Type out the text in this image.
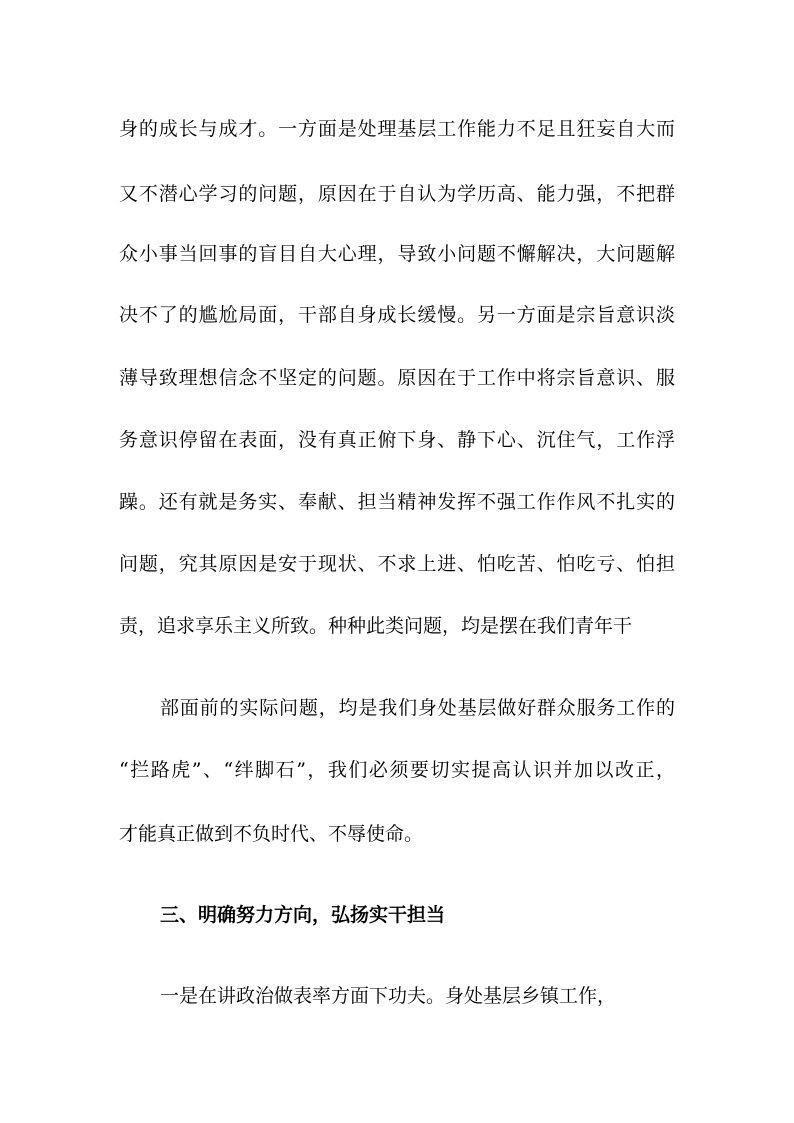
身的成长与成才。一方面是处理基层工作能力不足且狂妄自大而
又不潜心学习的问题，原因在于自认为学历高、能力强，不把群
众小事当回事的盲目自大心理，导致小问题不懈解决，大问题解
决不了的尴尬局面，干部自身成长缓慢。另一方面是宗旨意识淡
薄导致理想信念不坚定的问题。原因在于工作中将宗旨意识、服
务意识停留在表面，没有真正俯下身、静下心、沉住气，工作浮
躁。还有就是务实、奉献、担当精神发挥不强工作作风不扎实的
问题，究其原因是安于现状、不求上进、怕吃苦、怕吃亏、怕担
责，追求享乐主义所致。种种此类问题，均是摆在我们青年干
部面前的实际问题，均是我们身处基层做好群众服务工作的
“拦路虎”、“绊脚石”，我们必须要切实提高认识并加以改正，
才能真正做到不负时代、不辱使命。
三、明确努力方向，弘扬实干担当
一是在讲政治做表率方面下功夫。身处基层乡镇工作，
